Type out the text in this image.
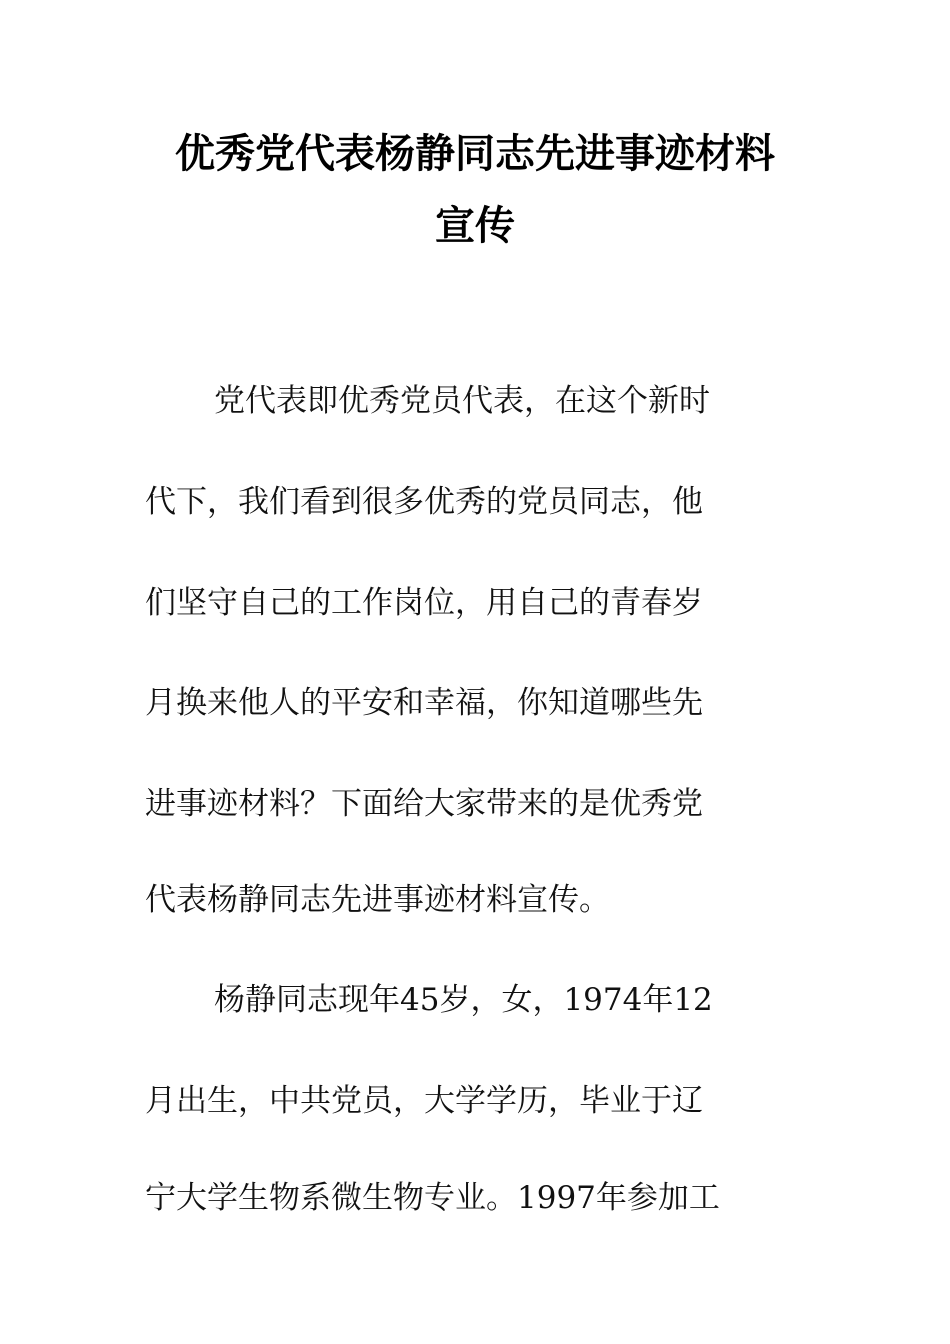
优秀党代表杨静同志先进事迹材料
宣传
党代表即优秀党员代表，在这个新时
代下，我们看到很多优秀的党员同志，他
们坚守自己的工作岗位，用自己的青春岁
月换来他人的平安和幸福，你知道哪些先
进事迹材料？下面给大家带来的是优秀党
代表杨静同志先进事迹材料宣传。
杨静同志现年45岁，女，1974年12
月出生，中共党员，大学学历，毕业于辽
宁大学生物系微生物专业。1997年参加工
